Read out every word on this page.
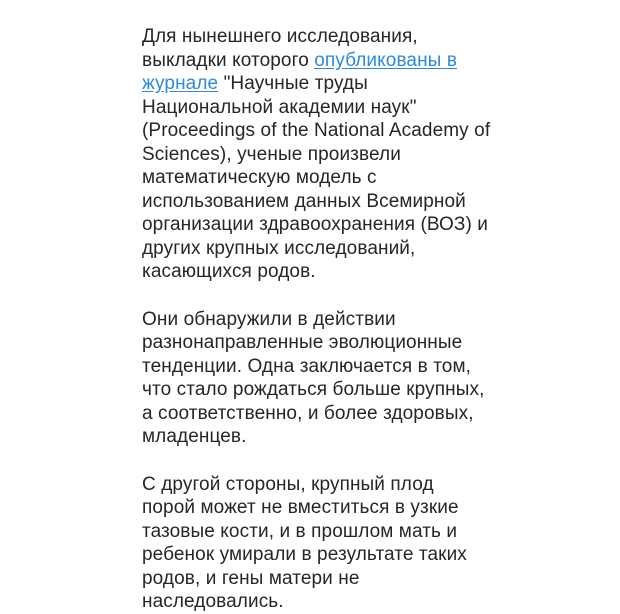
Для нынешнего исследования, выкладки которого опубликованы в журнале "Научные труды Национальной академии наук" (Proceedings of the National Academy of Sciences), ученые произвели математическую модель с использованием данных Всемирной организации здравоохранения (ВОЗ) и других крупных исследований, касающихся родов.

Они обнаружили в действии разнонаправленные эволюционные тенденции. Одна заключается в том, что стало рождаться больше крупных, а соответственно, и более здоровых, младенцев.

С другой стороны, крупный плод порой может не вместиться в узкие тазовые кости, и в прошлом мать и ребенок умирали в результате таких родов, и гены матери не наследовались.
